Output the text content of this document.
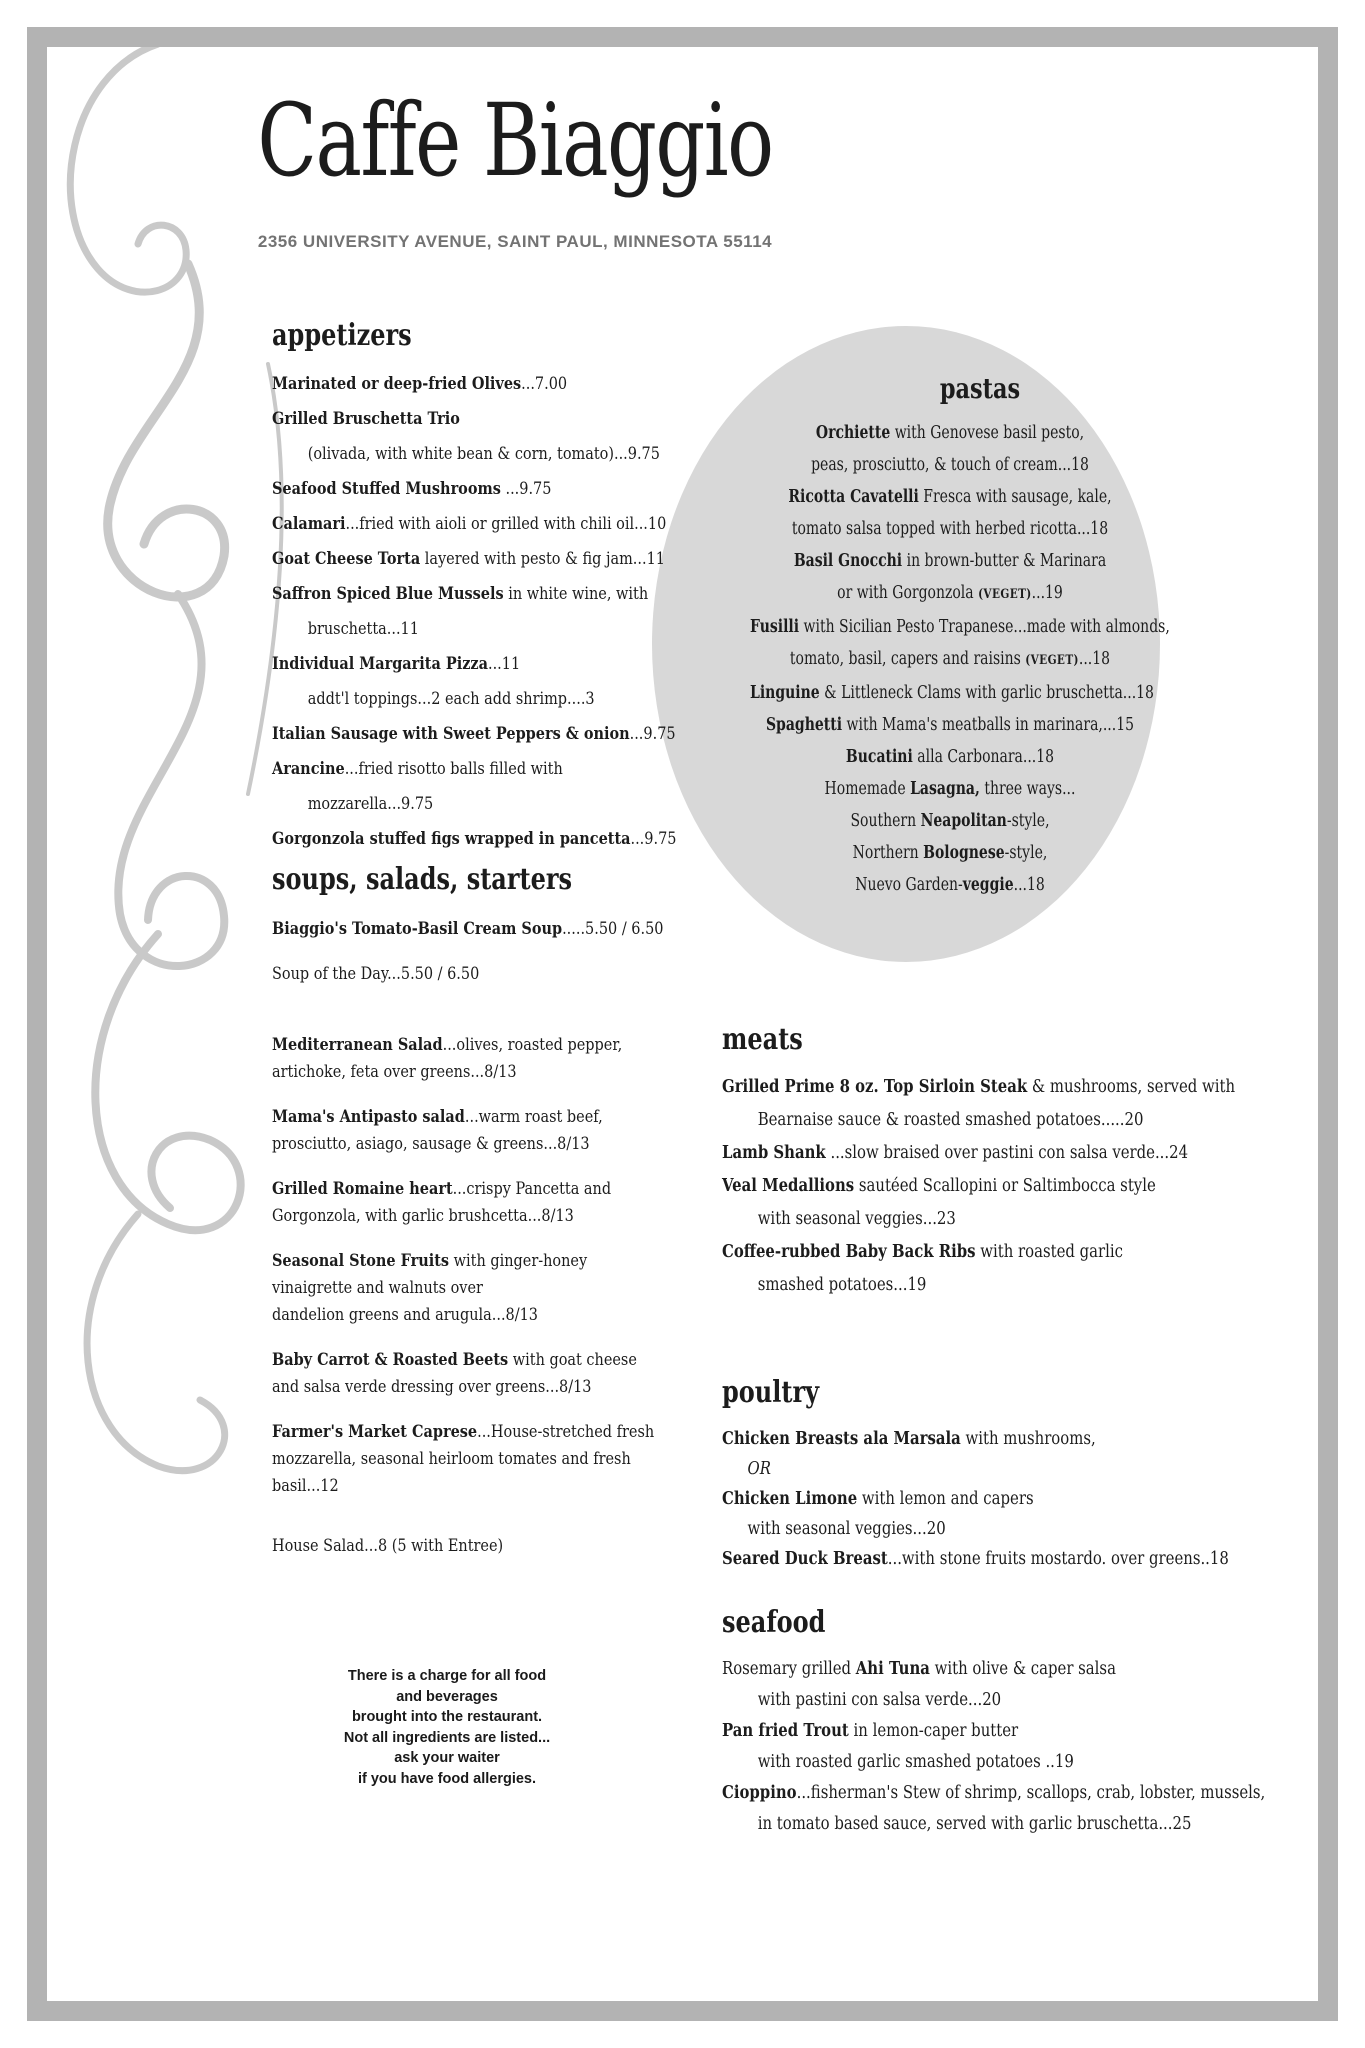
Caffe Biaggio
2356 UNIVERSITY AVENUE, SAINT PAUL, MINNESOTA 55114
appetizers
Marinated or deep-fried Olives...7.00
Grilled Bruschetta Trio
(olivada, with white bean & corn, tomato)...9.75
Seafood Stuffed Mushrooms ...9.75
Calamari...fried with aioli or grilled with chili oil...10
Goat Cheese Torta layered with pesto & fig jam...11
Saffron Spiced Blue Mussels in white wine, with
bruschetta...11
Individual Margarita Pizza...11
addt'l toppings...2 each add shrimp....3
Italian Sausage with Sweet Peppers & onion...9.75
Arancine...fried risotto balls filled with
mozzarella...9.75
Gorgonzola stuffed figs wrapped in pancetta...9.75
soups, salads, starters
Biaggio's Tomato-Basil Cream Soup.....5.50 / 6.50
Soup of the Day...5.50 / 6.50
Mediterranean Salad...olives, roasted pepper,
artichoke, feta over greens...8/13
Mama's Antipasto salad...warm roast beef,
prosciutto, asiago, sausage & greens...8/13
Grilled Romaine heart...crispy Pancetta and
Gorgonzola, with garlic brushcetta...8/13
Seasonal Stone Fruits with ginger-honey
vinaigrette and walnuts over
dandelion greens and arugula...8/13
Baby Carrot & Roasted Beets with goat cheese
and salsa verde dressing over greens...8/13
Farmer's Market Caprese...House-stretched fresh
mozzarella, seasonal heirloom tomates and fresh
basil...12
House Salad...8 (5 with Entree)
pastas
Orchiette with Genovese basil pesto,
peas, prosciutto, & touch of cream...18
Ricotta Cavatelli Fresca with sausage, kale,
tomato salsa topped with herbed ricotta...18
Basil Gnocchi in brown-butter & Marinara
or with Gorgonzola (VEGET)...19
Fusilli with Sicilian Pesto Trapanese...made with almonds,
tomato, basil, capers and raisins (VEGET)...18
Linguine & Littleneck Clams with garlic bruschetta...18
Spaghetti with Mama's meatballs in marinara,...15
Bucatini alla Carbonara...18
Homemade Lasagna, three ways...
Southern Neapolitan-style,
Northern Bolognese-style,
Nuevo Garden-veggie...18
meats
Grilled Prime 8 oz. Top Sirloin Steak & mushrooms, served with
Bearnaise sauce & roasted smashed potatoes.....20
Lamb Shank ...slow braised over pastini con salsa verde...24
Veal Medallions sautéed Scallopini or Saltimbocca style
with seasonal veggies...23
Coffee-rubbed Baby Back Ribs with roasted garlic
smashed potatoes...19
poultry
Chicken Breasts ala Marsala with mushrooms,
OR
Chicken Limone with lemon and capers
with seasonal veggies...20
Seared Duck Breast...with stone fruits mostardo. over greens..18
seafood
Rosemary grilled Ahi Tuna with olive & caper salsa
with pastini con salsa verde...20
Pan fried Trout in lemon-caper butter
with roasted garlic smashed potatoes ..19
Cioppino...fisherman's Stew of shrimp, scallops, crab, lobster, mussels,
in tomato based sauce, served with garlic bruschetta...25
There is a charge for all food
and beverages
brought into the restaurant.
Not all ingredients are listed...
ask your waiter
if you have food allergies.
